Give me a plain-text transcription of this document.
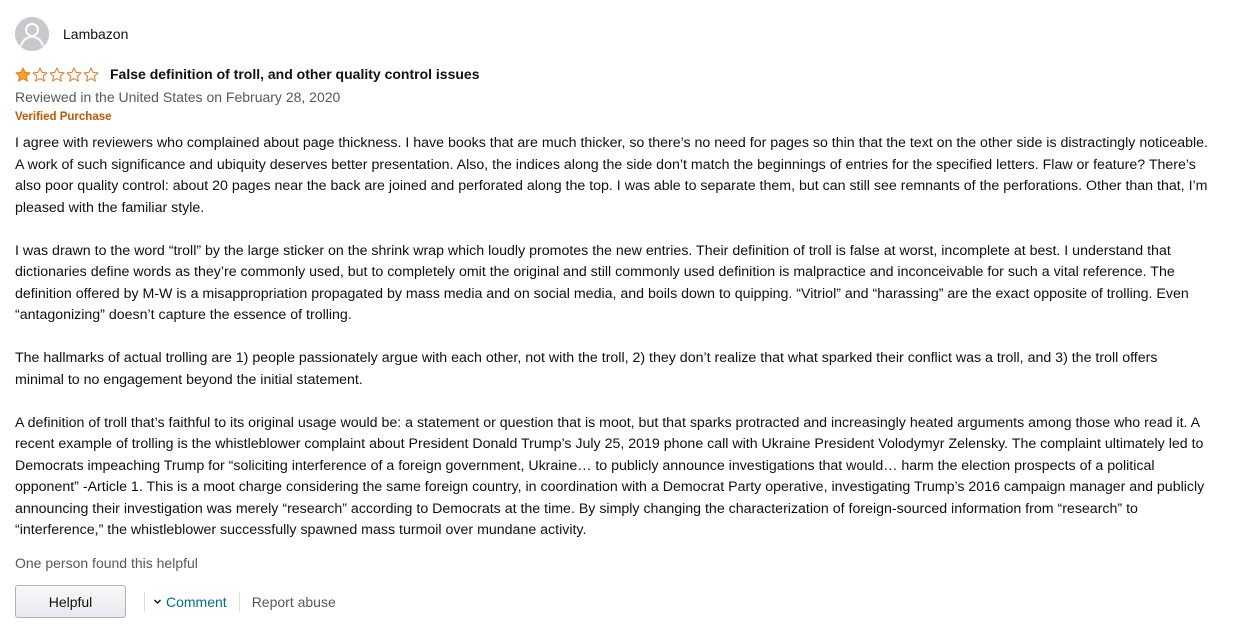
Lambazon
False definition of troll, and other quality control issues
Reviewed in the United States on February 28, 2020
Verified Purchase

I agree with reviewers who complained about page thickness. I have books that are much thicker, so there’s no need for pages so thin that the text on the other side is distractingly noticeable. A work of such significance and ubiquity deserves better presentation. Also, the indices along the side don’t match the beginnings of entries for the specified letters. Flaw or feature? There’s also poor quality control: about 20 pages near the back are joined and perforated along the top. I was able to separate them, but can still see remnants of the perforations. Other than that, I’m pleased with the familiar style.

I was drawn to the word “troll” by the large sticker on the shrink wrap which loudly promotes the new entries. Their definition of troll is false at worst, incomplete at best. I understand that dictionaries define words as they’re commonly used, but to completely omit the original and still commonly used definition is malpractice and inconceivable for such a vital reference. The definition offered by M-W is a misappropriation propagated by mass media and on social media, and boils down to quipping. “Vitriol” and “harassing” are the exact opposite of trolling. Even “antagonizing” doesn’t capture the essence of trolling.

The hallmarks of actual trolling are 1) people passionately argue with each other, not with the troll, 2) they don’t realize that what sparked their conflict was a troll, and 3) the troll offers minimal to no engagement beyond the initial statement.

A definition of troll that’s faithful to its original usage would be: a statement or question that is moot, but that sparks protracted and increasingly heated arguments among those who read it. A recent example of trolling is the whistleblower complaint about President Donald Trump’s July 25, 2019 phone call with Ukraine President Volodymyr Zelensky. The complaint ultimately led to Democrats impeaching Trump for “soliciting interference of a foreign government, Ukraine… to publicly announce investigations that would… harm the election prospects of a political opponent” -Article 1. This is a moot charge considering the same foreign country, in coordination with a Democrat Party operative, investigating Trump’s 2016 campaign manager and publicly announcing their investigation was merely “research” according to Democrats at the time. By simply changing the characterization of foreign-sourced information from “research” to “interference,” the whistleblower successfully spawned mass turmoil over mundane activity.

One person found this helpful
Helpful	Comment Report abuse
